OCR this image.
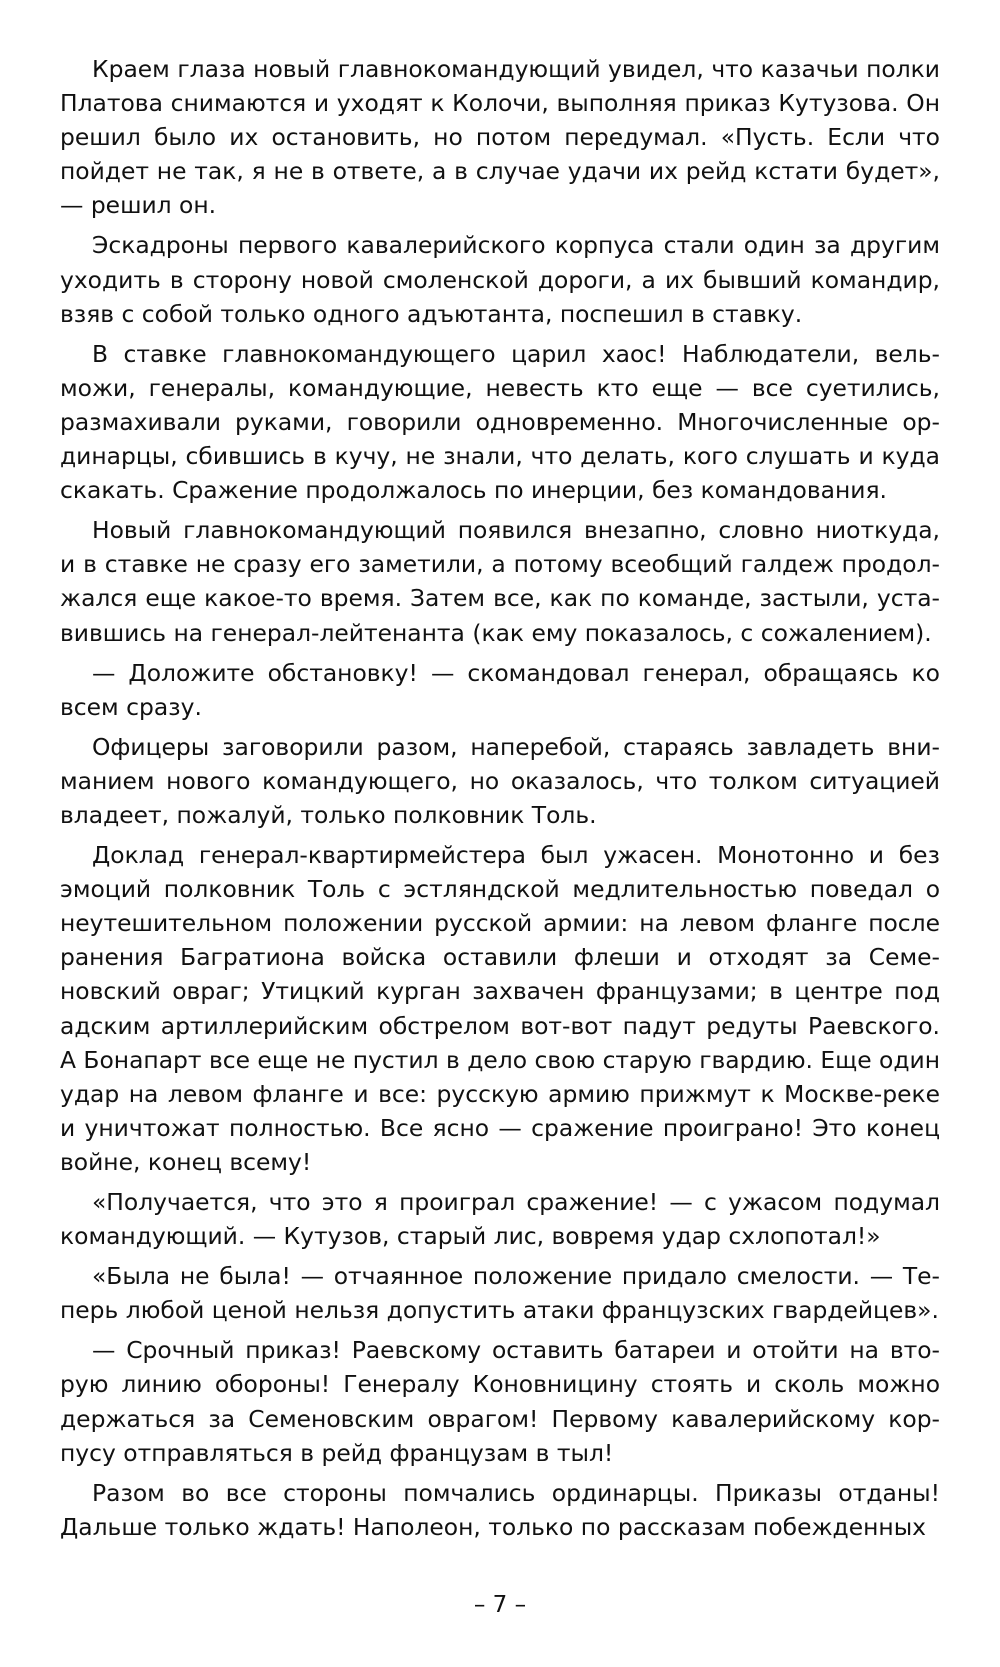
Краем глаза новый главнокомандующий увидел, что казачьи полки Платова снимаются и уходят к Колочи, выполняя приказ Кутузова. Он решил было их остановить, но потом передумал. «Пусть. Если что пойдет не так, я не в ответе, а в случае удачи их рейд кстати будет», — решил он.

Эскадроны первого кавалерийского корпуса стали один за другим уходить в сторону новой смоленской дороги, а их бывший командир, взяв с собой только одного адъютанта, поспешил в ставку.

В ставке главнокомандующего царил хаос! Наблюдатели, вельможи, генералы, командующие, невесть кто еще — все суетились, размахивали руками, говорили одновременно. Многочисленные ординарцы, сбившись в кучу, не знали, что делать, кого слушать и куда скакать. Сражение продолжалось по инерции, без командования.

Новый главнокомандующий появился внезапно, словно ниоткуда, и в ставке не сразу его заметили, а потому всеобщий галдеж продолжался еще какое-то время. Затем все, как по команде, застыли, уставившись на генерал-лейтенанта (как ему показалось, с сожалением).

— Доложите обстановку! — скомандовал генерал, обращаясь ко всем сразу.

Офицеры заговорили разом, наперебой, стараясь завладеть вниманием нового командующего, но оказалось, что толком ситуацией владеет, пожалуй, только полковник Толь.

Доклад генерал-квартирмейстера был ужасен. Монотонно и без эмоций полковник Толь с эстляндской медлительностью поведал о неутешительном положении русской армии: на левом фланге после ранения Багратиона войска оставили флеши и отходят за Семеновский овраг; Утицкий курган захвачен французами; в центре под адским артиллерийским обстрелом вот-вот падут редуты Раевского. А Бонапарт все еще не пустил в дело свою старую гвардию. Еще один удар на левом фланге и все: русскую армию прижмут к Москве-реке и уничтожат полностью. Все ясно — сражение проиграно! Это конец войне, конец всему!

«Получается, что это я проиграл сражение! — с ужасом подумал командующий. — Кутузов, старый лис, вовремя удар схлопотал!»

«Была не была! — отчаянное положение придало смелости. — Теперь любой ценой нельзя допустить атаки французских гвардейцев».

— Срочный приказ! Раевскому оставить батареи и отойти на вторую линию обороны! Генералу Коновницину стоять и сколь можно держаться за Семеновским оврагом! Первому кавалерийскому корпусу отправляться в рейд французам в тыл!

Разом во все стороны помчались ординарцы. Приказы отданы! Дальше только ждать! Наполеон, только по рассказам побежденных

– 7 –
